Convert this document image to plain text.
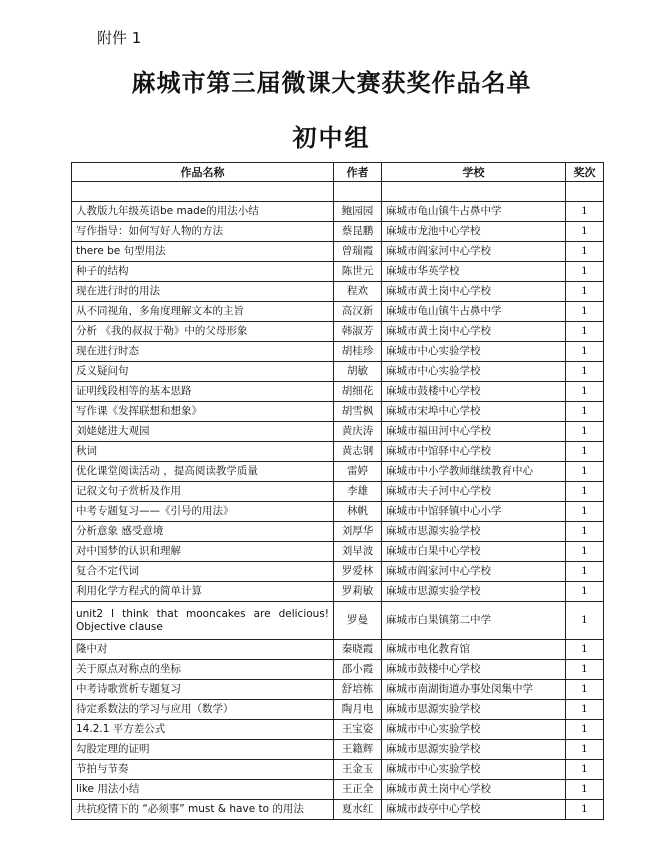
附件 1
麻城市第三届微课大赛获奖作品名单
初中组
作品名称	作者	学校	奖次

人教版九年级英语be made的用法小结	鲍园园	麻城市龟山镇牛占鼻中学	1
写作指导：如何写好人物的方法	蔡昆鹏	麻城市龙池中心学校	1
there be 句型用法	曾瑞霞	麻城市阎家河中心学校	1
种子的结构	陈世元	麻城市华英学校	1
现在进行时的用法	程欢	麻城市黄土岗中心学校	1
从不同视角，多角度理解文本的主旨	高汉新	麻城市龟山镇牛占鼻中学	1
分析 《我的叔叔于勒》中的父母形象	韩淑芳	麻城市黄土岗中心学校	1
现在进行时态	胡桂珍	麻城市中心实验学校	1
反义疑问句	胡敏	麻城市中心实验学校	1
证明线段相等的基本思路	胡细花	麻城市鼓楼中心学校	1
写作课《发挥联想和想象》	胡雪枫	麻城市宋埠中心学校	1
刘姥姥进大观园	黄庆涛	麻城市福田河中心学校	1
秋词	黄志钢	麻城市中馆驿中心学校	1
优化课堂阅读活动 ，提高阅读教学质量	雷婷	麻城市中小学教师继续教育中心	1
记叙文句子赏析及作用	李雄	麻城市夫子河中心学校	1
中考专题复习——《引号的用法》	林帆	麻城市中馆驿镇中心小学	1
分析意象 感受意境	刘厚华	麻城市思源实验学校	1
对中国梦的认识和理解	刘早波	麻城市白果中心学校	1
复合不定代词	罗爱林	麻城市阎家河中心学校	1
利用化学方程式的简单计算	罗莉敏	麻城市思源实验学校	1
unit2 I think that mooncakes are delicious! Objective clause	罗曼	麻城市白果镇第二中学	1
隆中对	秦晓霞	麻城市电化教育馆	1
关于原点对称点的坐标	邵小霞	麻城市鼓楼中心学校	1
中考诗歌赏析专题复习	舒培栋	麻城市南湖街道办事处闵集中学	1
待定系数法的学习与应用（数学）	陶月电	麻城市思源实验学校	1
14.2.1 平方差公式	王宝姿	麻城市中心实验学校	1
勾股定理的证明	王籍辉	麻城市思源实验学校	1
节拍与节奏	王金玉	麻城市中心实验学校	1
like 用法小结	王正全	麻城市黄土岗中心学校	1
共抗疫情下的 “必须事” must & have to 的用法	夏水红	麻城市歧亭中心学校	1
